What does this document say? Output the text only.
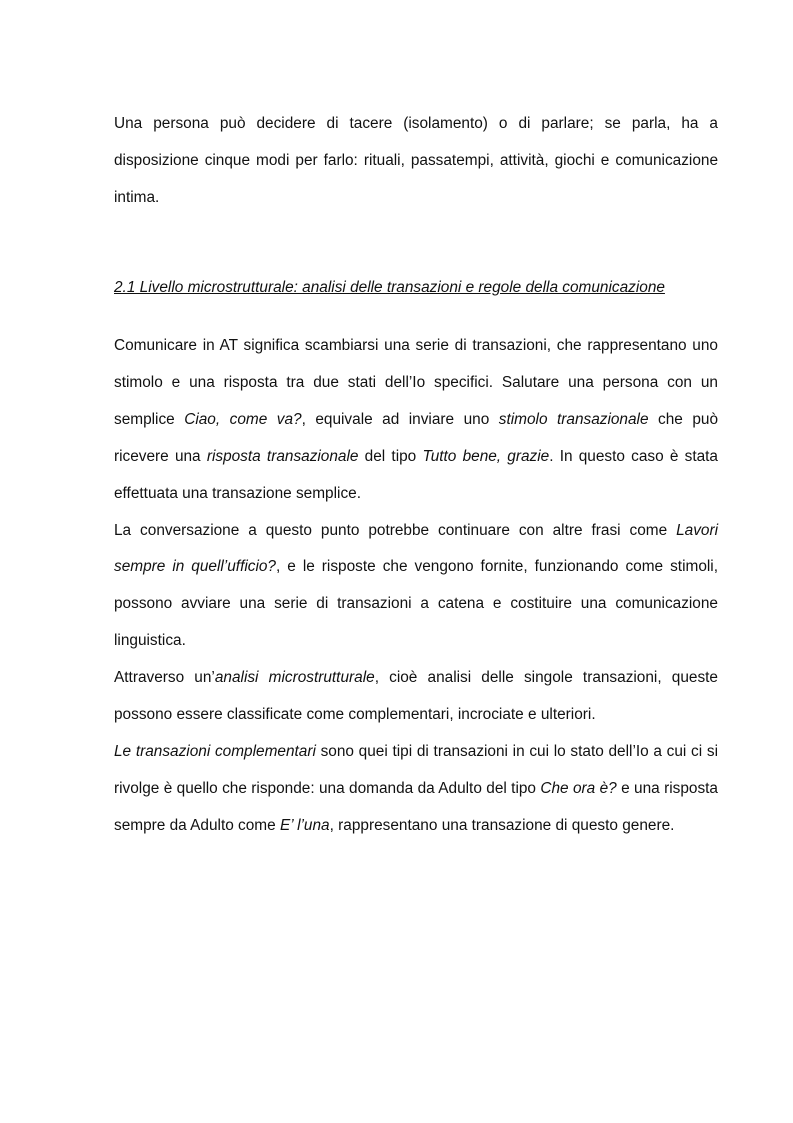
Una persona può decidere di tacere (isolamento) o di parlare; se parla, ha a disposizione cinque modi per farlo: rituali, passatempi, attività, giochi e comunicazione intima.

2.1 Livello microstrutturale: analisi delle transazioni e regole della comunicazione

Comunicare in AT significa scambiarsi una serie di transazioni, che rappresentano uno stimolo e una risposta tra due stati dell’Io specifici. Salutare una persona con un semplice Ciao, come va?, equivale ad inviare uno stimolo transazionale che può ricevere una risposta transazionale del tipo Tutto bene, grazie. In questo caso è stata effettuata una transazione semplice.

La conversazione a questo punto potrebbe continuare con altre frasi come Lavori sempre in quell’ufficio?, e le risposte che vengono fornite, funzionando come stimoli, possono avviare una serie di transazioni a catena e costituire una comunicazione linguistica.

Attraverso un’analisi microstrutturale, cioè analisi delle singole transazioni, queste possono essere classificate come complementari, incrociate e ulteriori.

Le transazioni complementari sono quei tipi di transazioni in cui lo stato dell’Io a cui ci si rivolge è quello che risponde: una domanda da Adulto del tipo Che ora è? e una risposta sempre da Adulto come E’ l’una, rappresentano una transazione di questo genere.
